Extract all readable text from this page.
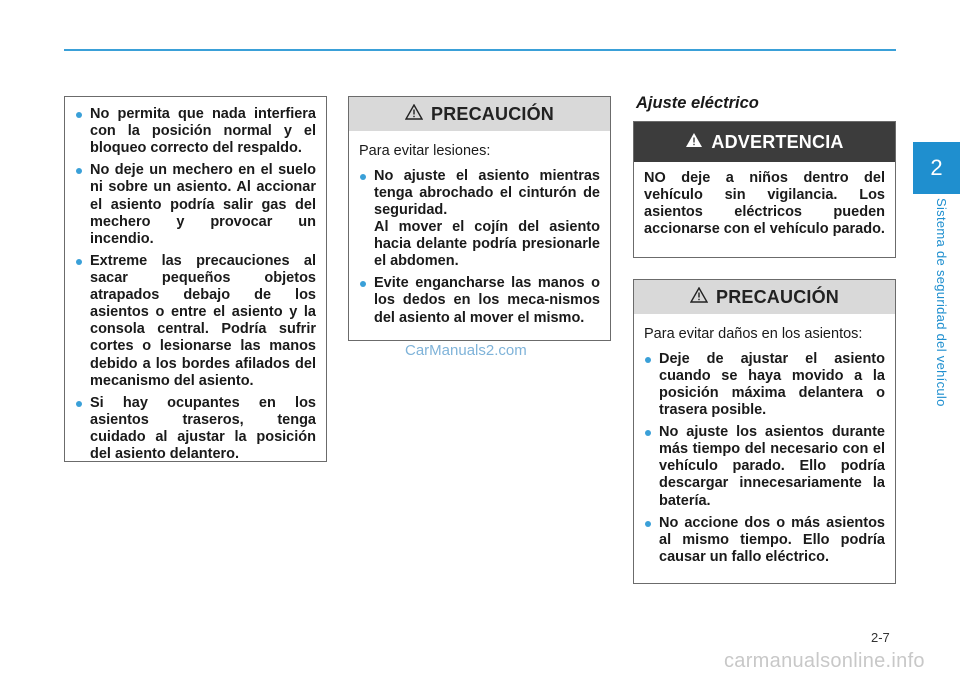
No permita que nada interfiera con la posición normal y el bloqueo correcto del respaldo.
No deje un mechero en el suelo ni sobre un asiento. Al accionar el asiento podría salir gas del mechero y provocar un incendio.
Extreme las precauciones al sacar pequeños objetos atrapados debajo de los asientos o entre el asiento y la consola central. Podría sufrir cortes o lesionarse las manos debido a los bordes afilados del mecanismo del asiento.
Si hay ocupantes en los asientos traseros, tenga cuidado al ajustar la posición del asiento delantero.
PRECAUCIÓN
Para evitar lesiones:
No ajuste el asiento mientras tenga abrochado el cinturón de seguridad.
Al mover el cojín del asiento hacia delante podría presionarle el abdomen.
Evite engancharse las manos o los dedos en los meca-nismos del asiento al mover el mismo.
CarManuals2.com
Ajuste eléctrico
ADVERTENCIA
NO deje a niños dentro del vehículo sin vigilancia. Los asientos eléctricos pueden accionarse con el vehículo parado.
PRECAUCIÓN
Para evitar daños en los asientos:
Deje de ajustar el asiento cuando se haya movido a la posición máxima delantera o trasera posible.
No ajuste los asientos durante más tiempo del necesario con el vehículo parado. Ello podría descargar innecesariamente la batería.
No accione dos o más asientos al mismo tiempo. Ello podría causar un fallo eléctrico.
2
Sistema de seguridad del vehículo
2-7
carmanualsonline.info
